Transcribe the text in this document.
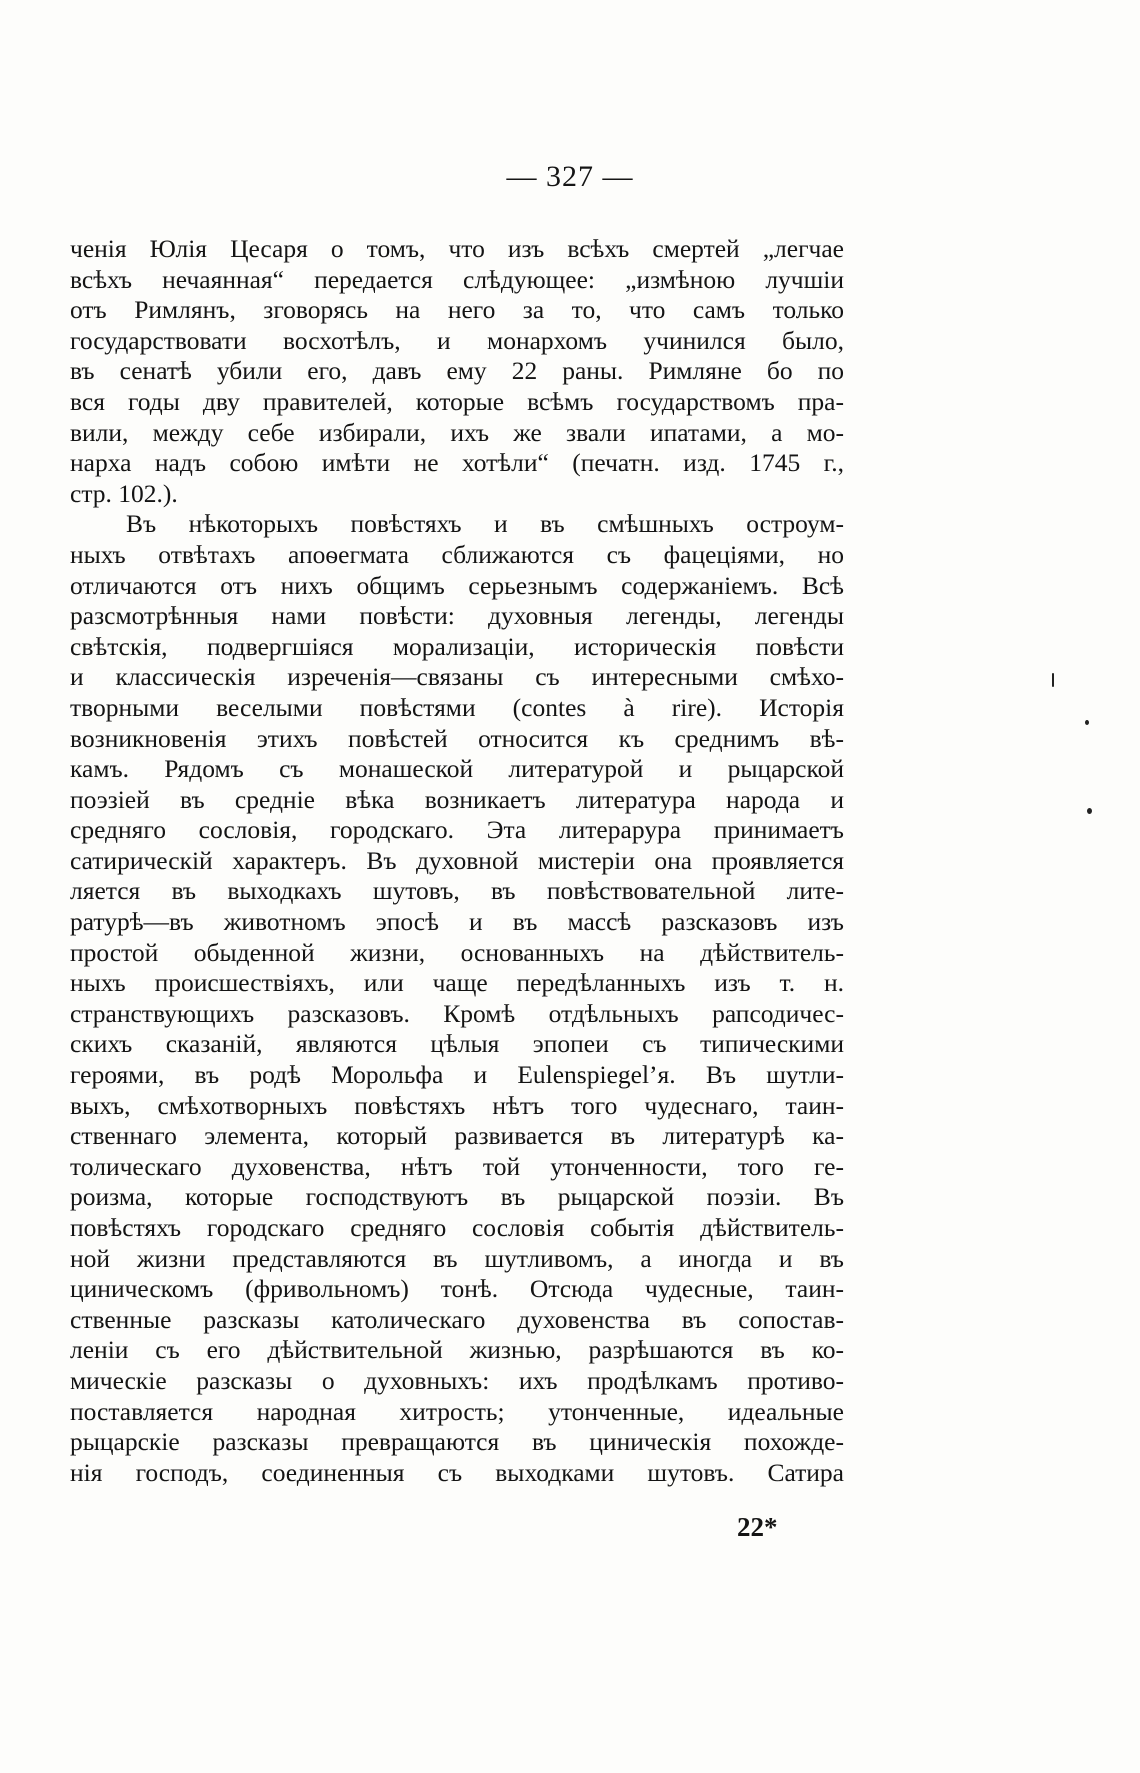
— 327 —
ченія Юлія Цесаря о томъ, что изъ всѣхъ смертей „легчае
всѣхъ нечаянная“ передается слѣдующее: „измѣною лучшіи
отъ Римлянъ, зговорясь на него за то, что самъ только
государствовати восхотѣлъ, и монархомъ учинился было,
въ сенатѣ убили его, давъ ему 22 раны. Римляне бо по
вся годы дву правителей, которые всѣмъ государствомъ пра-
вили, между себе избирали, ихъ же звали ипатами, а мо-
нарха надъ собою имѣти не хотѣли“ (печатн. изд. 1745 г.,
стр. 102.).
Въ нѣкоторыхъ повѣстяхъ и въ смѣшныхъ остроум-
ныхъ отвѣтахъ апоѳегмата сближаются съ фацеціями, но
отличаются отъ нихъ общимъ серьезнымъ содержаніемъ. Всѣ
разсмотрѣнныя нами повѣсти: духовныя легенды, легенды
свѣтскія, подвергшіяся морализаціи, историческія повѣсти
и классическія изреченія—связаны съ интересными смѣхо-
творными веселыми повѣстями (contes à rire). Исторія
возникновенія этихъ повѣстей относится къ среднимъ вѣ-
камъ. Рядомъ съ монашеской литературой и рыцарской
поэзіей въ средніе вѣка возникаетъ литература народа и
средняго сословія, городскаго. Эта литерарура принимаетъ
сатирическій характеръ. Въ духовной мистеріи она проявляется
ляется въ выходкахъ шутовъ, въ повѣствовательной лите-
ратурѣ—въ животномъ эпосѣ и въ массѣ разсказовъ изъ
простой обыденной жизни, основанныхъ на дѣйствитель-
ныхъ происшествіяхъ, или чаще передѣланныхъ изъ т. н.
странствующихъ разсказовъ. Кромѣ отдѣльныхъ рапсодичес-
скихъ сказаній, являются цѣлыя эпопеи съ типическими
героями, въ родѣ Морольфа и Eulenspiegel’я. Въ шутли-
выхъ, смѣхотворныхъ повѣстяхъ нѣтъ того чудеснаго, таин-
ственнаго элемента, который развивается въ литературѣ ка-
толическаго духовенства, нѣтъ той утонченности, того ге-
роизма, которые господствуютъ въ рыцарской поэзіи. Въ
повѣстяхъ городскаго средняго сословія событія дѣйствитель-
ной жизни представляются въ шутливомъ, а иногда и въ
циническомъ (фривольномъ) тонѣ. Отсюда чудесные, таин-
ственные разсказы католическаго духовенства въ сопостав-
леніи съ его дѣйствительной жизнью, разрѣшаются въ ко-
мическіе разсказы о духовныхъ: ихъ продѣлкамъ противо-
поставляется народная хитрость; утонченные, идеальные
рыцарскіе разсказы превращаются въ циническія похожде-
нія господъ, соединенныя съ выходками шутовъ. Сатира
22*
